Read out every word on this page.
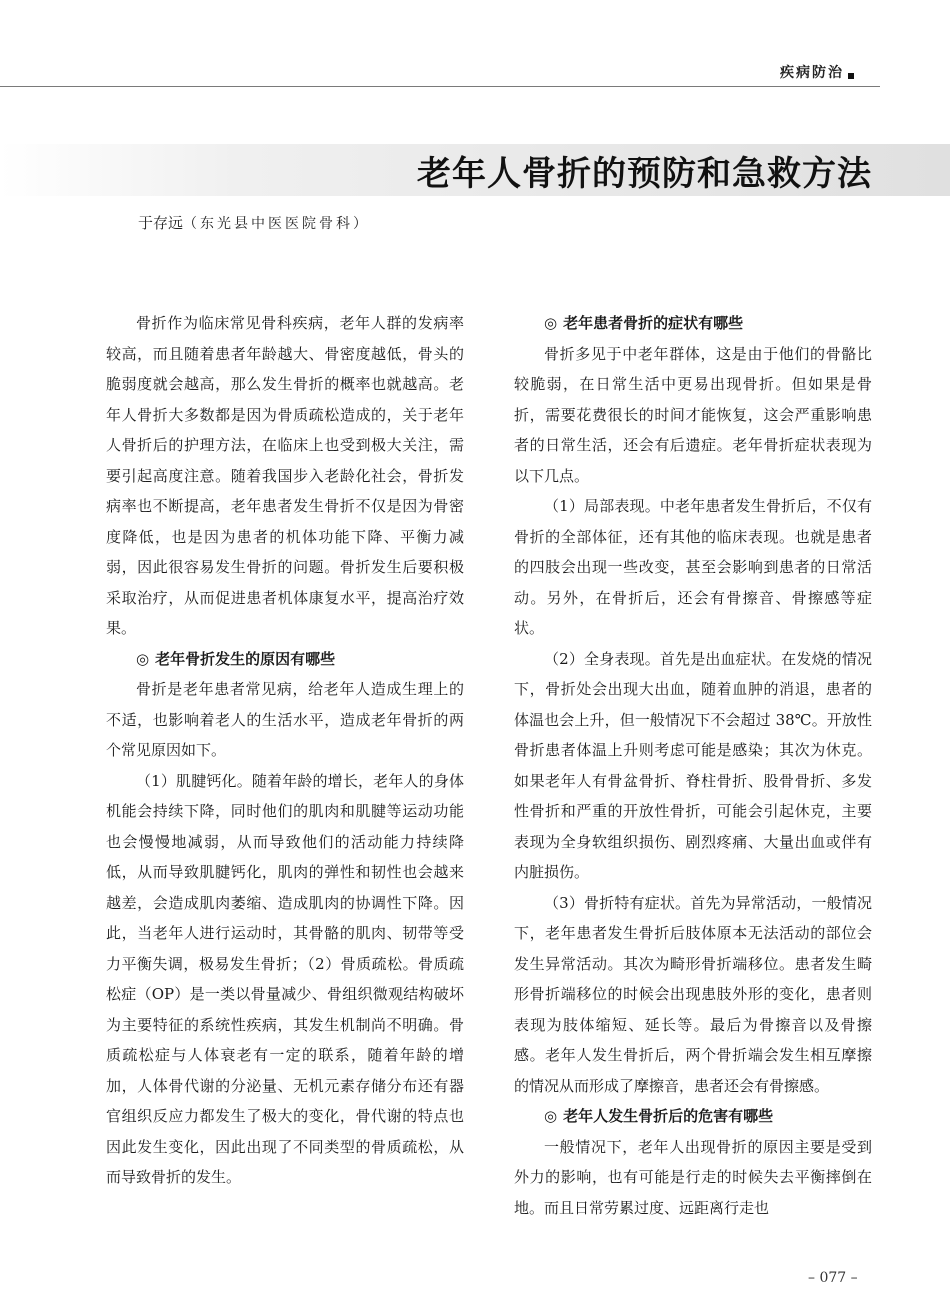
疾病防治
老年人骨折的预防和急救方法
于存远（东光县中医医院骨科）

骨折作为临床常见骨科疾病，老年人群的发病率较高，而且随着患者年龄越大、骨密度越低，骨头的脆弱度就会越高，那么发生骨折的概率也就越高。老年人骨折大多数都是因为骨质疏松造成的，关于老年人骨折后的护理方法，在临床上也受到极大关注，需要引起高度注意。随着我国步入老龄化社会，骨折发病率也不断提高，老年患者发生骨折不仅是因为骨密度降低，也是因为患者的机体功能下降、平衡力减弱，因此很容易发生骨折的问题。骨折发生后要积极采取治疗，从而促进患者机体康复水平，提高治疗效果。

◎ 老年骨折发生的原因有哪些

骨折是老年患者常见病，给老年人造成生理上的不适，也影响着老人的生活水平，造成老年骨折的两个常见原因如下。

（1）肌腱钙化。随着年龄的增长，老年人的身体机能会持续下降，同时他们的肌肉和肌腱等运动功能也会慢慢地减弱，从而导致他们的活动能力持续降低，从而导致肌腱钙化，肌肉的弹性和韧性也会越来越差，会造成肌肉萎缩、造成肌肉的协调性下降。因此，当老年人进行运动时，其骨骼的肌肉、韧带等受力平衡失调，极易发生骨折；（2）骨质疏松。骨质疏松症（OP）是一类以骨量减少、骨组织微观结构破坏为主要特征的系统性疾病，其发生机制尚不明确。骨质疏松症与人体衰老有一定的联系，随着年龄的增加，人体骨代谢的分泌量、无机元素存储分布还有器官组织反应力都发生了极大的变化，骨代谢的特点也因此发生变化，因此出现了不同类型的骨质疏松，从而导致骨折的发生。

◎ 老年患者骨折的症状有哪些

骨折多见于中老年群体，这是由于他们的骨骼比较脆弱，在日常生活中更易出现骨折。但如果是骨折，需要花费很长的时间才能恢复，这会严重影响患者的日常生活，还会有后遗症。老年骨折症状表现为以下几点。

（1）局部表现。中老年患者发生骨折后，不仅有骨折的全部体征，还有其他的临床表现。也就是患者的四肢会出现一些改变，甚至会影响到患者的日常活动。另外，在骨折后，还会有骨擦音、骨擦感等症状。

（2）全身表现。首先是出血症状。在发烧的情况下，骨折处会出现大出血，随着血肿的消退，患者的体温也会上升，但一般情况下不会超过 38℃。开放性骨折患者体温上升则考虑可能是感染；其次为休克。如果老年人有骨盆骨折、脊柱骨折、股骨骨折、多发性骨折和严重的开放性骨折，可能会引起休克，主要表现为全身软组织损伤、剧烈疼痛、大量出血或伴有内脏损伤。

（3）骨折特有症状。首先为异常活动，一般情况下，老年患者发生骨折后肢体原本无法活动的部位会发生异常活动。其次为畸形骨折端移位。患者发生畸形骨折端移位的时候会出现患肢外形的变化，患者则表现为肢体缩短、延长等。最后为骨擦音以及骨擦感。老年人发生骨折后，两个骨折端会发生相互摩擦的情况从而形成了摩擦音，患者还会有骨擦感。

◎ 老年人发生骨折后的危害有哪些

一般情况下，老年人出现骨折的原因主要是受到外力的影响，也有可能是行走的时候失去平衡摔倒在地。而且日常劳累过度、远距离行走也

– 077 –
